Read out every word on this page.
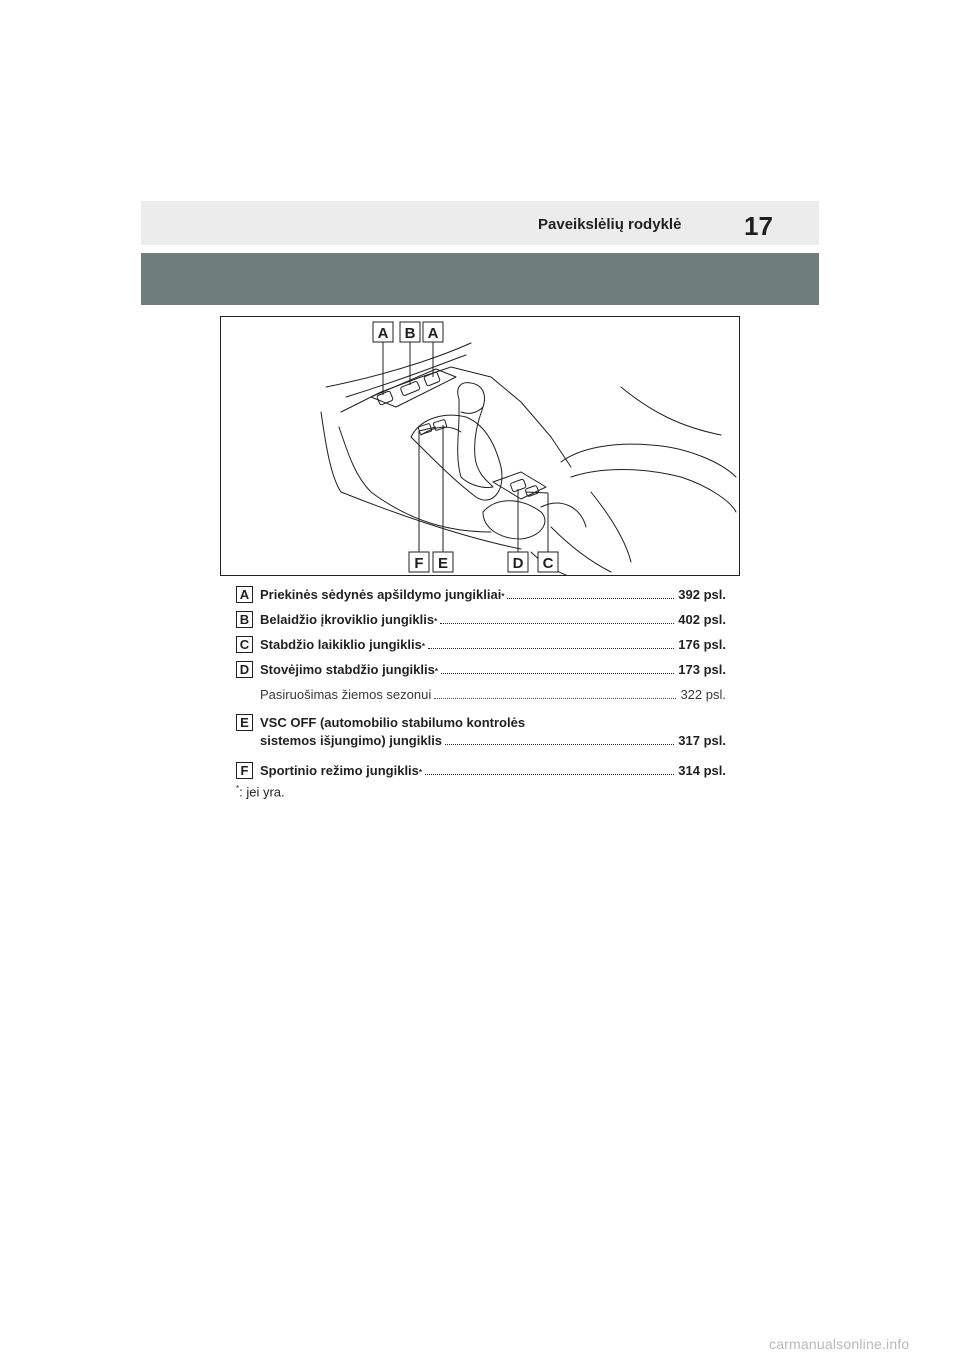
Paveikslėlių rodyklė 17
A B A
F E	D C
A Priekinės sėdynės apšildymo jungikliai *	392 psl.
B Belaidžio įkroviklio jungiklis *	402 psl.
C Stabdžio laikiklio jungiklis *	176 psl.
D Stovėjimo stabdžio jungiklis *	173 psl.
Pasiruošimas žiemos sezonui	322 psl.
E VSC OFF (automobilio stabilumo kontrolės
sistemos išjungimo) jungiklis	317 psl.
F Sportinio režimo jungiklis *	314 psl.
*: jei yra.
carmanualsonline.info
